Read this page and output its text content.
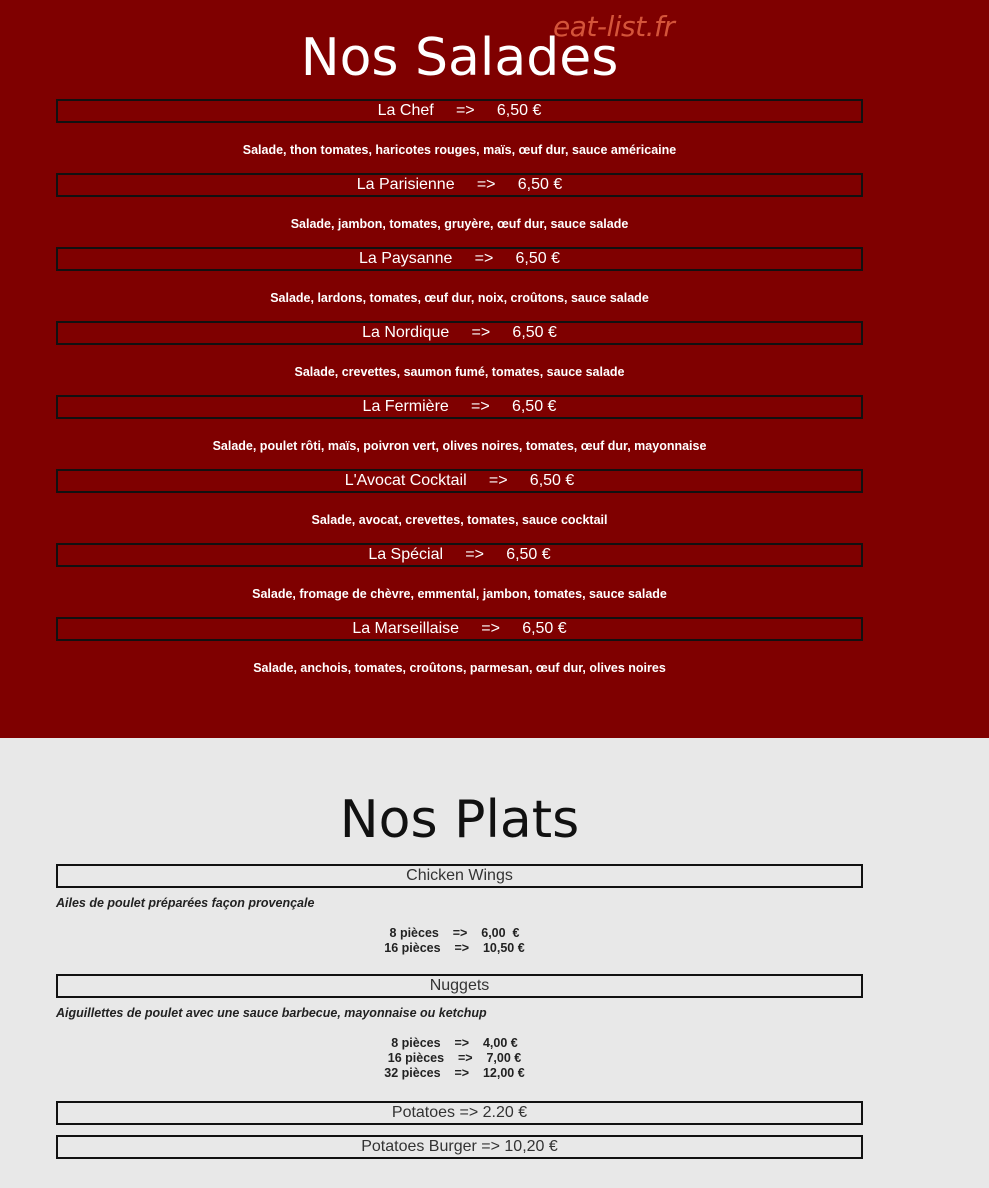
eat-list.fr
Nos Salades
La Chef
=>
6,50 €
Salade, thon tomates, haricotes rouges, maïs, œuf dur, sauce américaine
La Parisienne
=>
6,50 €
Salade, jambon, tomates, gruyère, œuf dur, sauce salade
La Paysanne
=>
6,50 €
Salade, lardons, tomates, œuf dur, noix, croûtons, sauce salade
La Nordique
=>
6,50 €
Salade, crevettes, saumon fumé, tomates, sauce salade
La Fermière
=>
6,50 €
Salade, poulet rôti, maïs, poivron vert, olives noires, tomates, œuf dur, mayonnaise
L'Avocat Cocktail
=>
6,50 €
Salade, avocat, crevettes, tomates, sauce cocktail
La Spécial
=>
6,50 €
Salade, fromage de chèvre, emmental, jambon, tomates, sauce salade
La Marseillaise
=>
6,50 €
Salade, anchois, tomates, croûtons, parmesan, œuf dur, olives noires
Nos Plats
Chicken Wings
Ailes de poulet préparées façon provençale
8 pièces    =>    6,00  €
16 pièces    =>    10,50 €
Nuggets
Aiguillettes de poulet avec une sauce barbecue, mayonnaise ou ketchup
8 pièces    =>    4,00 €
16 pièces    =>    7,00 €
32 pièces    =>    12,00 €
Potatoes => 2.20 €
Potatoes Burger => 10,20 €
